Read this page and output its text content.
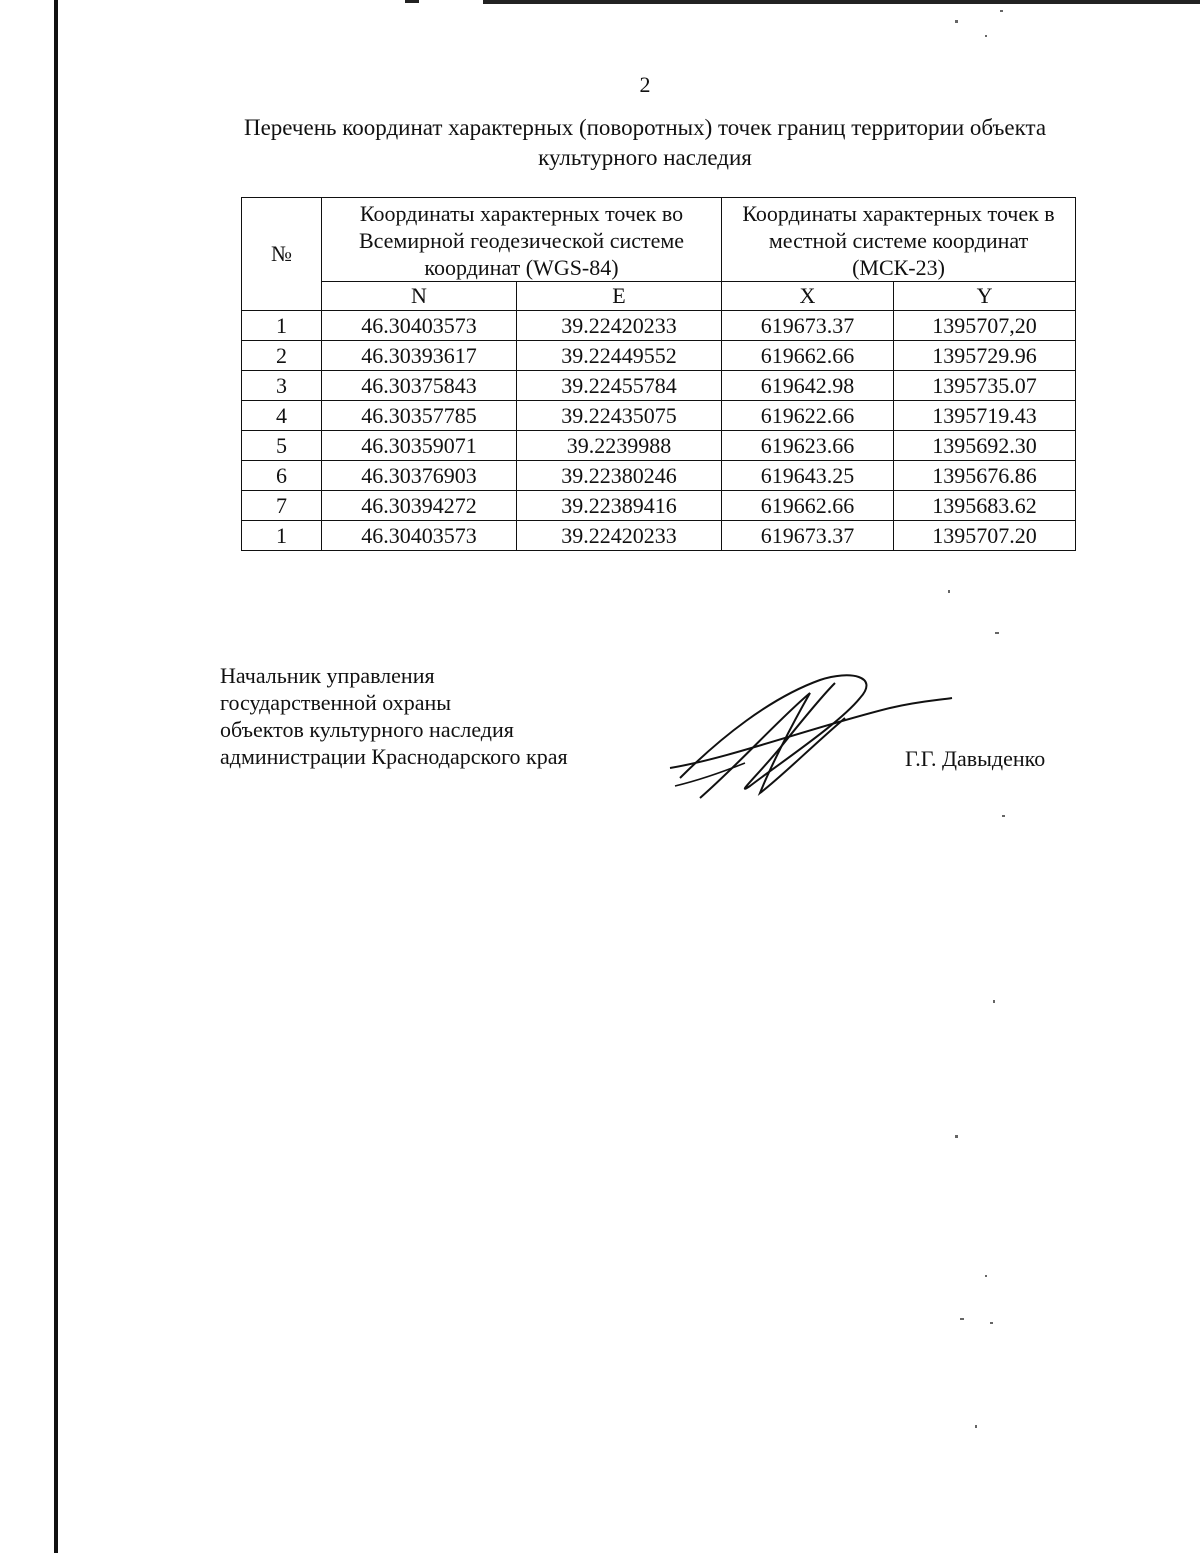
2
Перечень координат характерных (поворотных) точек границ территории объекта культурного наследия
№	Координаты характерных точек во Всемирной геодезической системе координат (WGS-84)		Координаты характерных точек в местной системе координат (МСК-23)	
	N	E	X	Y
1	46.30403573	39.22420233	619673.37	1395707,20
2	46.30393617	39.22449552	619662.66	1395729.96
3	46.30375843	39.22455784	619642.98	1395735.07
4	46.30357785	39.22435075	619622.66	1395719.43
5	46.30359071	39.2239988	619623.66	1395692.30
6	46.30376903	39.22380246	619643.25	1395676.86
7	46.30394272	39.22389416	619662.66	1395683.62
1	46.30403573	39.22420233	619673.37	1395707.20
Начальник управления
государственной охраны
объектов культурного наследия
администрации Краснодарского края	Г.Г. Давыденко
